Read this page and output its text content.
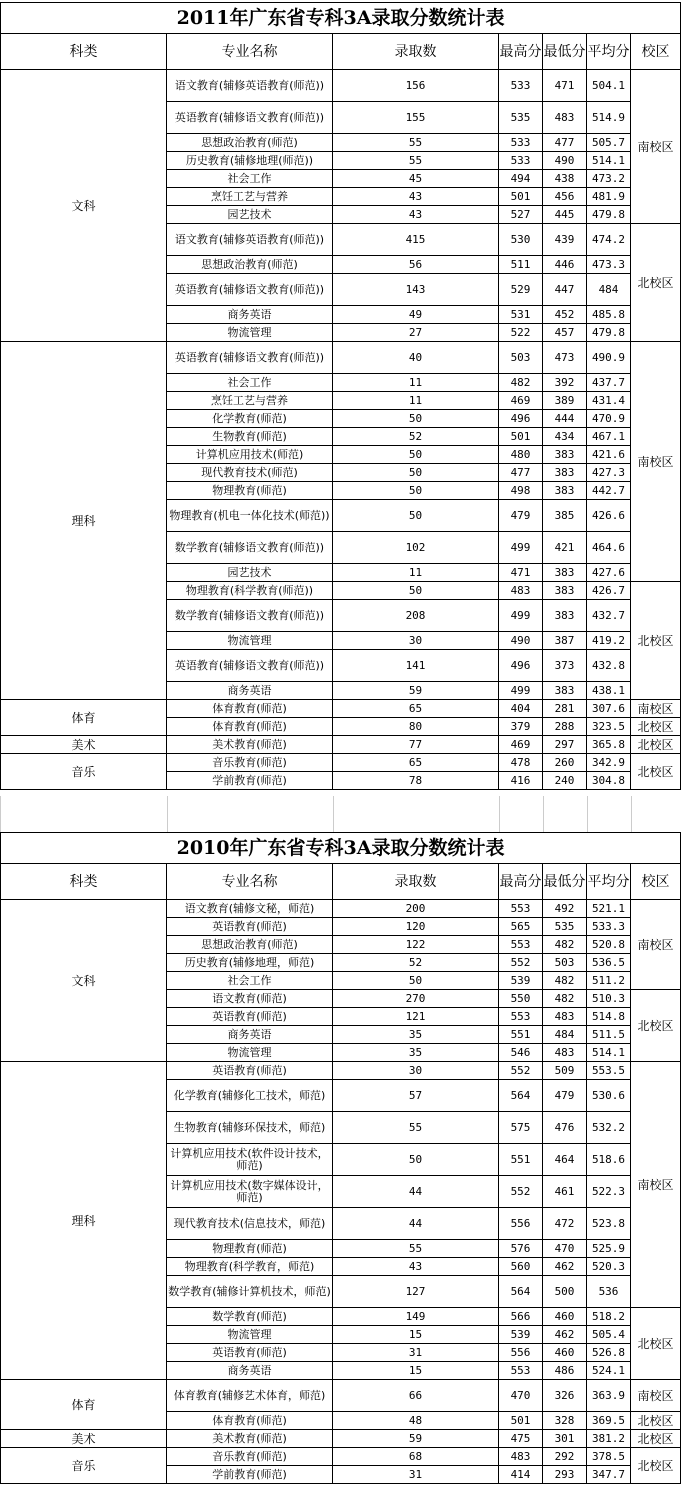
2011年广东省专科3A录取分数统计表						
科类	专业名称	录取数	最高分	最低分	平均分	校区
文科	语文教育(辅修英语教育(师范))	156	533	471	504.1	南校区
	英语教育(辅修语文教育(师范))	155	535	483	514.9	
	思想政治教育(师范)	55	533	477	505.7	
	历史教育(辅修地理(师范))	55	533	490	514.1	
	社会工作	45	494	438	473.2	
	烹饪工艺与营养	43	501	456	481.9	
	园艺技术	43	527	445	479.8	
	语文教育(辅修英语教育(师范))	415	530	439	474.2	北校区
	思想政治教育(师范)	56	511	446	473.3	
	英语教育(辅修语文教育(师范))	143	529	447	484	
	商务英语	49	531	452	485.8	
	物流管理	27	522	457	479.8	
理科	英语教育(辅修语文教育(师范))	40	503	473	490.9	南校区
	社会工作	11	482	392	437.7	
	烹饪工艺与营养	11	469	389	431.4	
	化学教育(师范)	50	496	444	470.9	
	生物教育(师范)	52	501	434	467.1	
	计算机应用技术(师范)	50	480	383	421.6	
	现代教育技术(师范)	50	477	383	427.3	
	物理教育(师范)	50	498	383	442.7	
	物理教育(机电一体化技术(师范))	50	479	385	426.6	
	数学教育(辅修语文教育(师范))	102	499	421	464.6	
	园艺技术	11	471	383	427.6	
	物理教育(科学教育(师范))	50	483	383	426.7	北校区
	数学教育(辅修语文教育(师范))	208	499	383	432.7	
	物流管理	30	490	387	419.2	
	英语教育(辅修语文教育(师范))	141	496	373	432.8	
	商务英语	59	499	383	438.1	
体育	体育教育(师范)	65	404	281	307.6	南校区
	体育教育(师范)	80	379	288	323.5	北校区
美术	美术教育(师范)	77	469	297	365.8	北校区
音乐	音乐教育(师范)	65	478	260	342.9	北校区
	学前教育(师范)	78	416	240	304.8	
2010年广东省专科3A录取分数统计表						
科类	专业名称	录取数	最高分	最低分	平均分	校区
文科	语文教育(辅修文秘，师范)	200	553	492	521.1	南校区
	英语教育(师范)	120	565	535	533.3	
	思想政治教育(师范)	122	553	482	520.8	
	历史教育(辅修地理，师范)	52	552	503	536.5	
	社会工作	50	539	482	511.2	
	语文教育(师范)	270	550	482	510.3	北校区
	英语教育(师范)	121	553	483	514.8	
	商务英语	35	551	484	511.5	
	物流管理	35	546	483	514.1	
理科	英语教育(师范)	30	552	509	553.5	南校区
	化学教育(辅修化工技术，师范)	57	564	479	530.6	
	生物教育(辅修环保技术，师范)	55	575	476	532.2	
	计算机应用技术(软件设计技术，师范)	50	551	464	518.6	
	计算机应用技术(数字媒体设计，师范)	44	552	461	522.3	
	现代教育技术(信息技术，师范)	44	556	472	523.8	
	物理教育(师范)	55	576	470	525.9	
	物理教育(科学教育，师范)	43	560	462	520.3	
	数学教育(辅修计算机技术，师范)	127	564	500	536	
	数学教育(师范)	149	566	460	518.2	北校区
	物流管理	15	539	462	505.4	
	英语教育(师范)	31	556	460	526.8	
	商务英语	15	553	486	524.1	
体育	体育教育(辅修艺术体育，师范)	66	470	326	363.9	南校区
	体育教育(师范)	48	501	328	369.5	北校区
美术	美术教育(师范)	59	475	301	381.2	北校区
音乐	音乐教育(师范)	68	483	292	378.5	北校区
	学前教育(师范)	31	414	293	347.7	
